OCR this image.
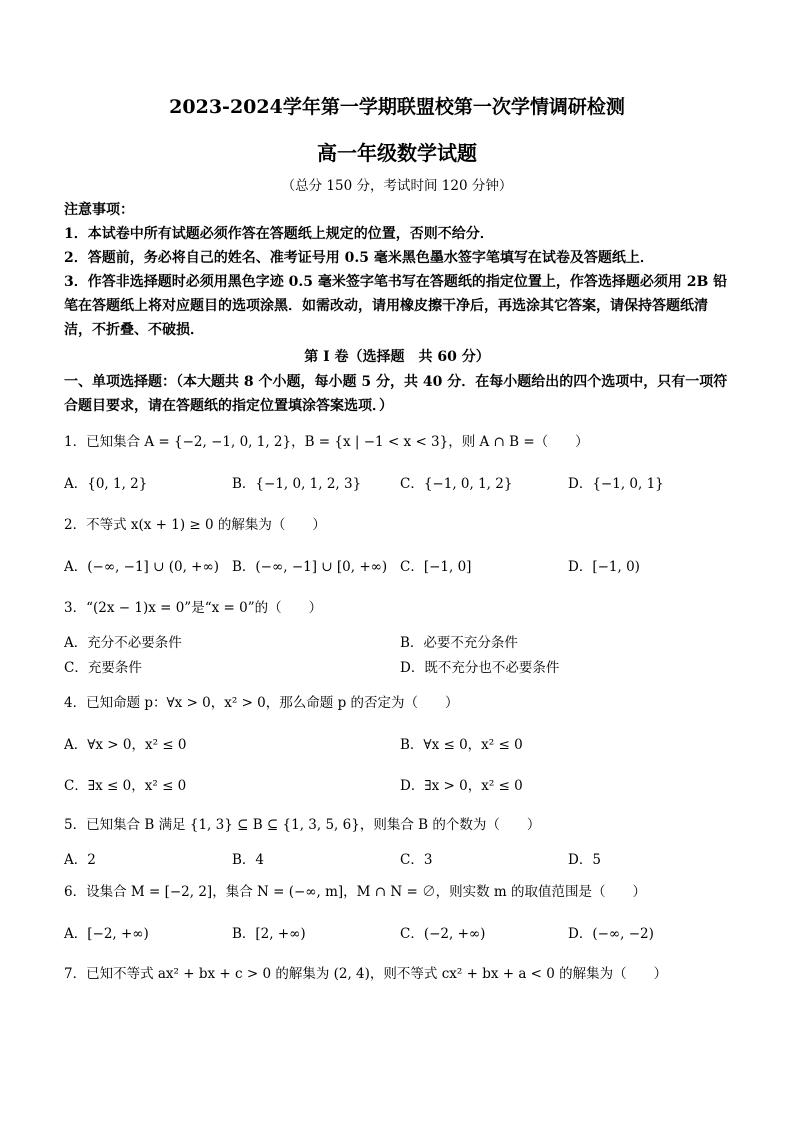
2023-2024学年第一学期联盟校第一次学情调研检测
高一年级数学试题
（总分 150 分，考试时间 120 分钟）

注意事项：

1．本试卷中所有试题必须作答在答题纸上规定的位置，否则不给分．

2．答题前，务必将自己的姓名、准考证号用 0.5 毫米黑色墨水签字笔填写在试卷及答题纸上．

3．作答非选择题时必须用黑色字迹 0.5 毫米签字笔书写在答题纸的指定位置上，作答选择题必须用 2B 铅笔在答题纸上将对应题目的选项涂黑．如需改动，请用橡皮擦干净后，再选涂其它答案，请保持答题纸清洁，不折叠、不破损．

第 I 卷（选择题　共 60 分）
一、单项选择题：（本大题共 8 个小题，每小题 5 分，共 40 分．在每小题给出的四个选项中，只有一项符合题目要求，请在答题纸的指定位置填涂答案选项．）
1．已知集合 A = {−2, −1, 0, 1, 2}，B = {x | −1 < x < 3}，则 A ∩ B =（　　）
A．{0, 1, 2}	B．{−1, 0, 1, 2, 3}	C．{−1, 0, 1, 2}	D．{−1, 0, 1}
2．不等式 x(x + 1) ≥ 0 的解集为（　　）
A．(−∞, −1] ∪ (0, +∞) B．(−∞, −1] ∪ [0, +∞) C．[−1, 0]	D．[−1, 0)
3．“(2x − 1)x = 0”是“x = 0”的（　　）
A．充分不必要条件	B．必要不充分条件
C．充要条件	D．既不充分也不必要条件
4．已知命题 p：∀x > 0，x² > 0，那么命题 p 的否定为（　　）
A．∀x > 0，x² ≤ 0	B．∀x ≤ 0，x² ≤ 0
C．∃x ≤ 0，x² ≤ 0	D．∃x > 0，x² ≤ 0
5．已知集合 B 满足 {1, 3} ⊆ B ⊆ {1, 3, 5, 6}，则集合 B 的个数为（　　）
A．2	B．4	C．3	D．5
6．设集合 M = [−2, 2]，集合 N = (−∞, m]，M ∩ N = ∅，则实数 m 的取值范围是（　　）
A．[−2, +∞)	B．[2, +∞)	C．(−2, +∞)	D．(−∞, −2)
7．已知不等式 ax² + bx + c > 0 的解集为 (2, 4)，则不等式 cx² + bx + a < 0 的解集为（　　）
